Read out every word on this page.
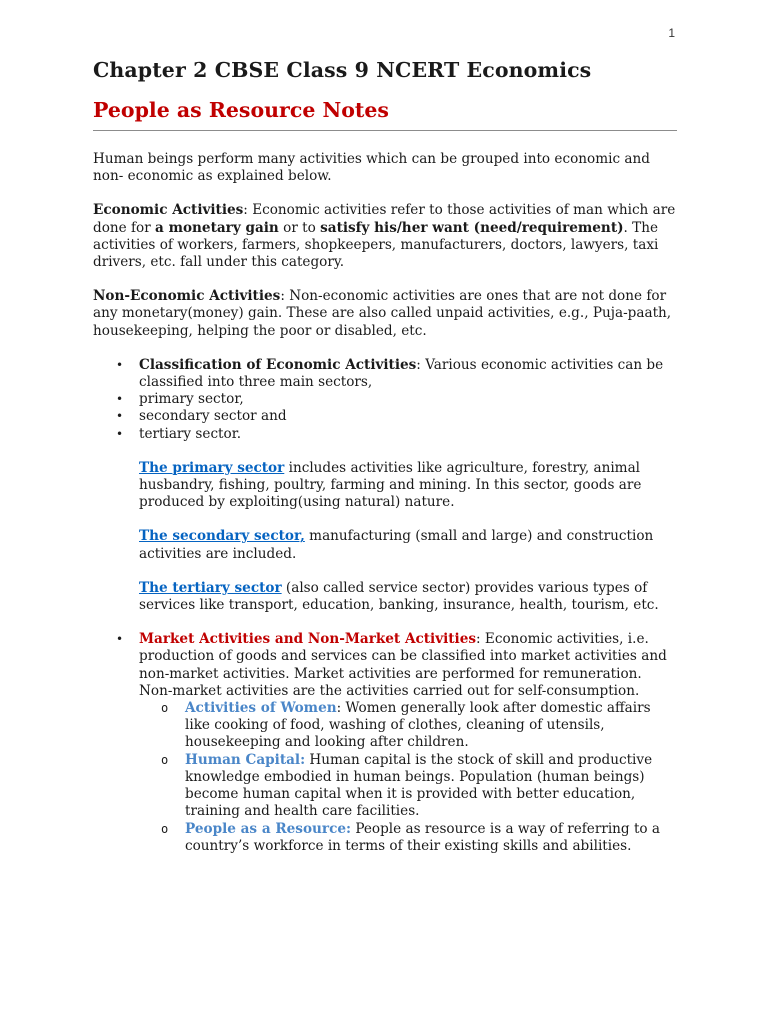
1
Chapter 2 CBSE Class 9 NCERT Economics
People as Resource Notes

Human beings perform many activities which can be grouped into economic and non- economic as explained below.

Economic Activities: Economic activities refer to those activities of man which are done for a monetary gain or to satisfy his/her want (need/requirement). The activities of workers, farmers, shopkeepers, manufacturers, doctors, lawyers, taxi drivers, etc. fall under this category.

Non-Economic Activities: Non-economic activities are ones that are not done for any monetary(money) gain. These are also called unpaid activities, e.g., Puja-paath, housekeeping, helping the poor or disabled, etc.

• Classification of Economic Activities: Various economic activities can be classified into three main sectors,
• primary sector,
• secondary sector and
• tertiary sector.

The primary sector includes activities like agriculture, forestry, animal husbandry, fishing, poultry, farming and mining. In this sector, goods are produced by exploiting(using natural) nature.

The secondary sector, manufacturing (small and large) and construction activities are included.

The tertiary sector (also called service sector) provides various types of services like transport, education, banking, insurance, health, tourism, etc.

• Market Activities and Non-Market Activities: Economic activities, i.e. production of goods and services can be classified into market activities and non-market activities. Market activities are performed for remuneration. Non-market activities are the activities carried out for self-consumption.
o Activities of Women: Women generally look after domestic affairs like cooking of food, washing of clothes, cleaning of utensils, housekeeping and looking after children.
o Human Capital: Human capital is the stock of skill and productive knowledge embodied in human beings. Population (human beings) become human capital when it is provided with better education, training and health care facilities.
o People as a Resource: People as resource is a way of referring to a country’s workforce in terms of their existing skills and abilities.
